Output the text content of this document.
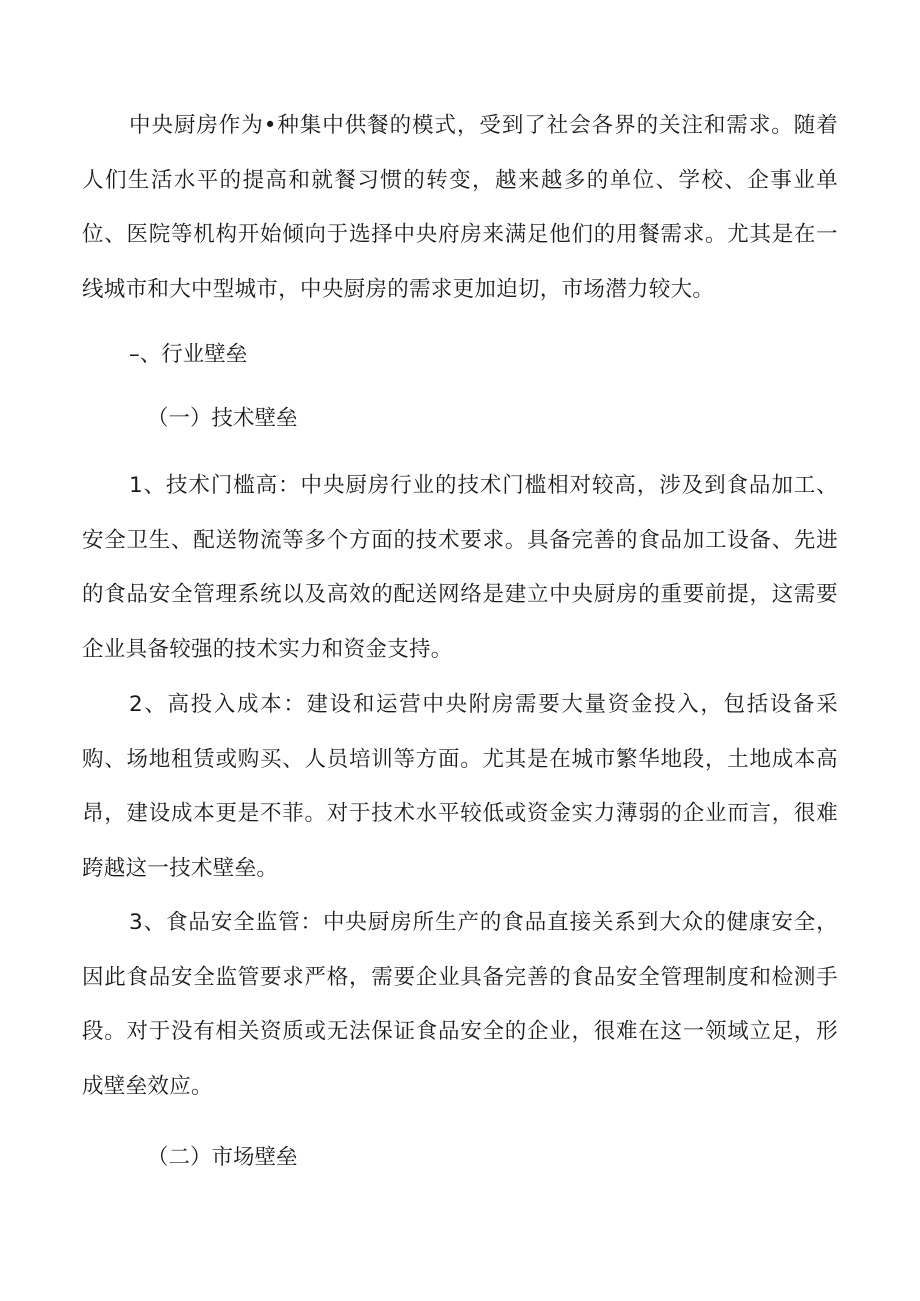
中央厨房作为•种集中供餐的模式，受到了社会各界的关注和需求。随着人们生活水平的提高和就餐习惯的转变，越来越多的单位、学校、企事业单位、医院等机构开始倾向于选择中央府房来满足他们的用餐需求。尤其是在一线城市和大中型城市，中央厨房的需求更加迫切，市场潜力较大。

–、行业壁垒

（一）技术壁垒

1、技术门槛高：中央厨房行业的技术门槛相对较高，涉及到食品加工、安全卫生、配送物流等多个方面的技术要求。具备完善的食品加工设备、先进的食品安全管理系统以及高效的配送网络是建立中央厨房的重要前提，这需要企业具备较强的技术实力和资金支持。

2、高投入成本：建设和运营中央附房需要大量资金投入，包括设备采购、场地租赁或购买、人员培训等方面。尤其是在城市繁华地段，土地成本高昂，建设成本更是不菲。对于技术水平较低或资金实力薄弱的企业而言，很难跨越这一技术壁垒。

3、食品安全监管：中央厨房所生产的食品直接关系到大众的健康安全，因此食品安全监管要求严格，需要企业具备完善的食品安全管理制度和检测手段。对于没有相关资质或无法保证食品安全的企业，很难在这一领域立足，形成壁垒效应。

（二）市场壁垒
